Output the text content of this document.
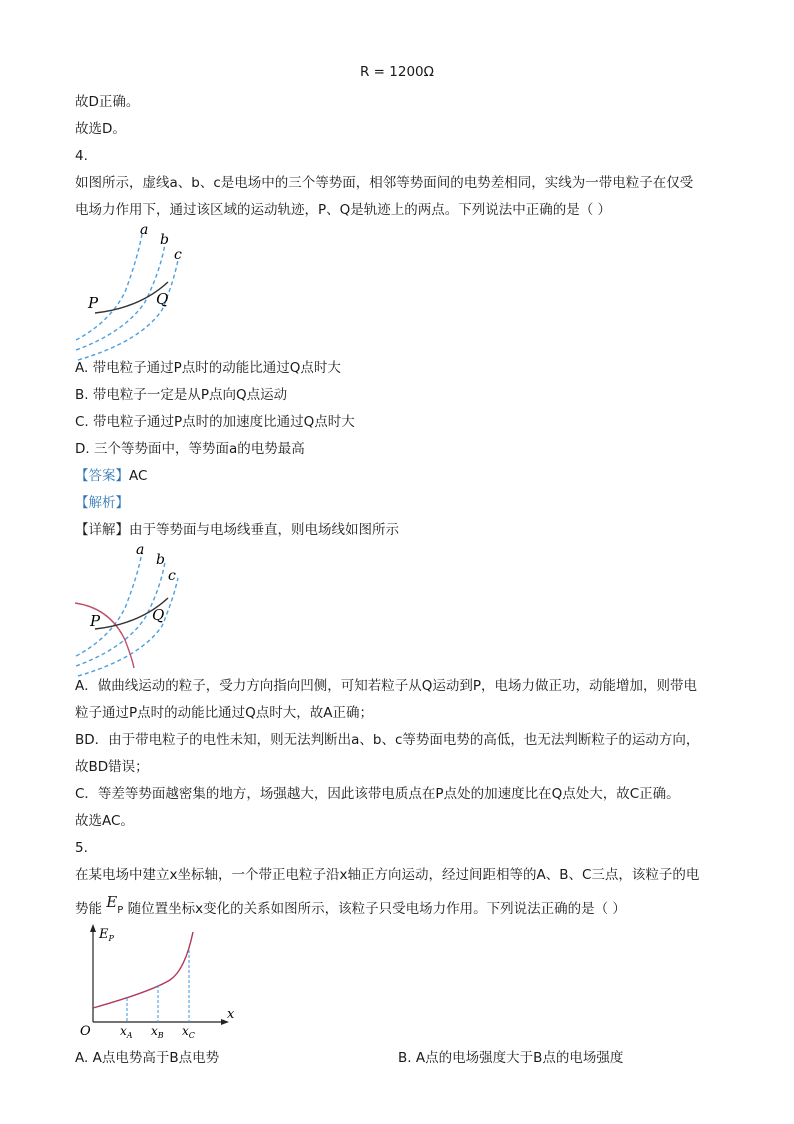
R = 1200Ω
故D正确。
故选D。
4.
如图所示，虚线a、b、c是电场中的三个等势面，相邻等势面间的电势差相同，实线为一带电粒子在仅受
电场力作用下，通过该区域的运动轨迹，P、Q是轨迹上的两点。下列说法中正确的是（ ）
a
b
c
P	Q
A. 带电粒子通过P点时的动能比通过Q点时大
B. 带电粒子一定是从P点向Q点运动
C. 带电粒子通过P点时的加速度比通过Q点时大
D. 三个等势面中，等势面a的电势最高
【答案】AC
【解析】
【详解】由于等势面与电场线垂直，则电场线如图所示
a
b
c
P	Q
A．做曲线运动的粒子，受力方向指向凹侧，可知若粒子从Q运动到P，电场力做正功，动能增加，则带电
粒子通过P点时的动能比通过Q点时大，故A正确；
BD．由于带电粒子的电性未知，则无法判断出a、b、c等势面电势的高低，也无法判断粒子的运动方向，
故BD错误；
C．等差等势面越密集的地方，场强越大，因此该带电质点在P点处的加速度比在Q点处大，故C正确。
故选AC。
5.
在某电场中建立x坐标轴，一个带正电粒子沿x轴正方向运动，经过间距相等的A、B、C三点，该粒子的电
势能 $E_P$ 随位置坐标x变化的关系如图所示，该粒子只受电场力作用。下列说法正确的是（ ）
$E_P$
x
O $x_A$ $x_B$ $x_C$
A. A点电势高于B点电势	B. A点的电场强度大于B点的电场强度
